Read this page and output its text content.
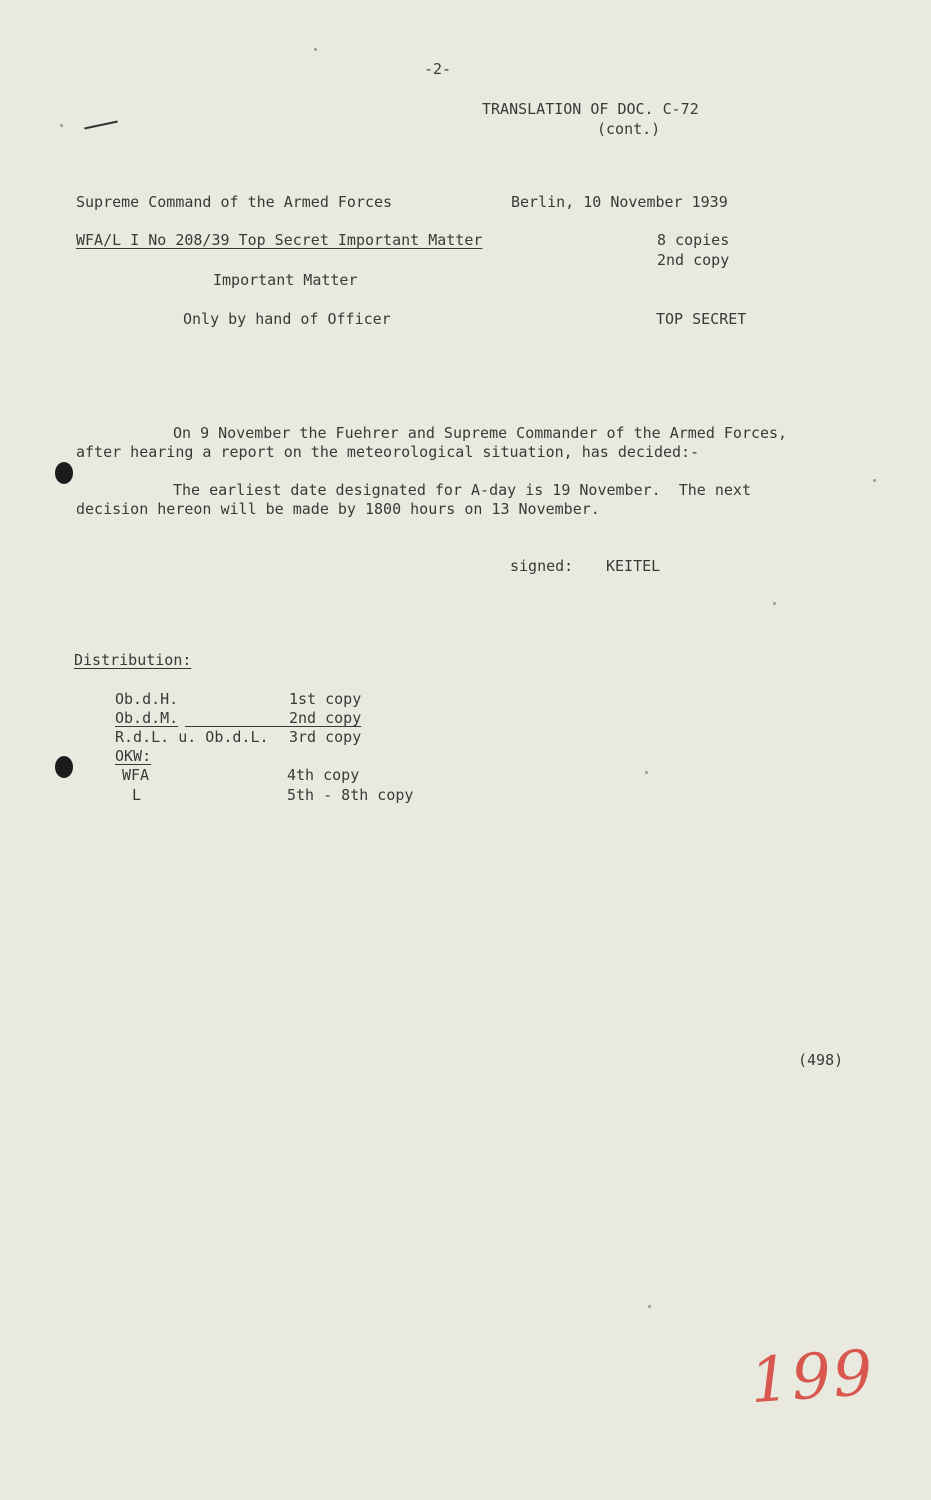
-2-
TRANSLATION OF DOC. C-72
(cont.)
Supreme Command of the Armed Forces	Berlin, 10 November 1939
WFA/L I No 208/39 Top Secret Important Matter	8 copies
2nd copy
Important Matter
Only by hand of Officer	TOP SECRET
On 9 November the Fuehrer and Supreme Commander of the Armed Forces,
after hearing a report on the meteorological situation, has decided:-
The earliest date designated for A-day is 19 November.  The next
decision hereon will be made by 1800 hours on 13 November.
signed: KEITEL
Distribution:
Ob.d.H.	1st copy
Ob.d.M.	2nd copy
R.d.L. u. Ob.d.L. 3rd copy
OKW:
WFA	4th copy
L	5th - 8th copy
(498)
199
